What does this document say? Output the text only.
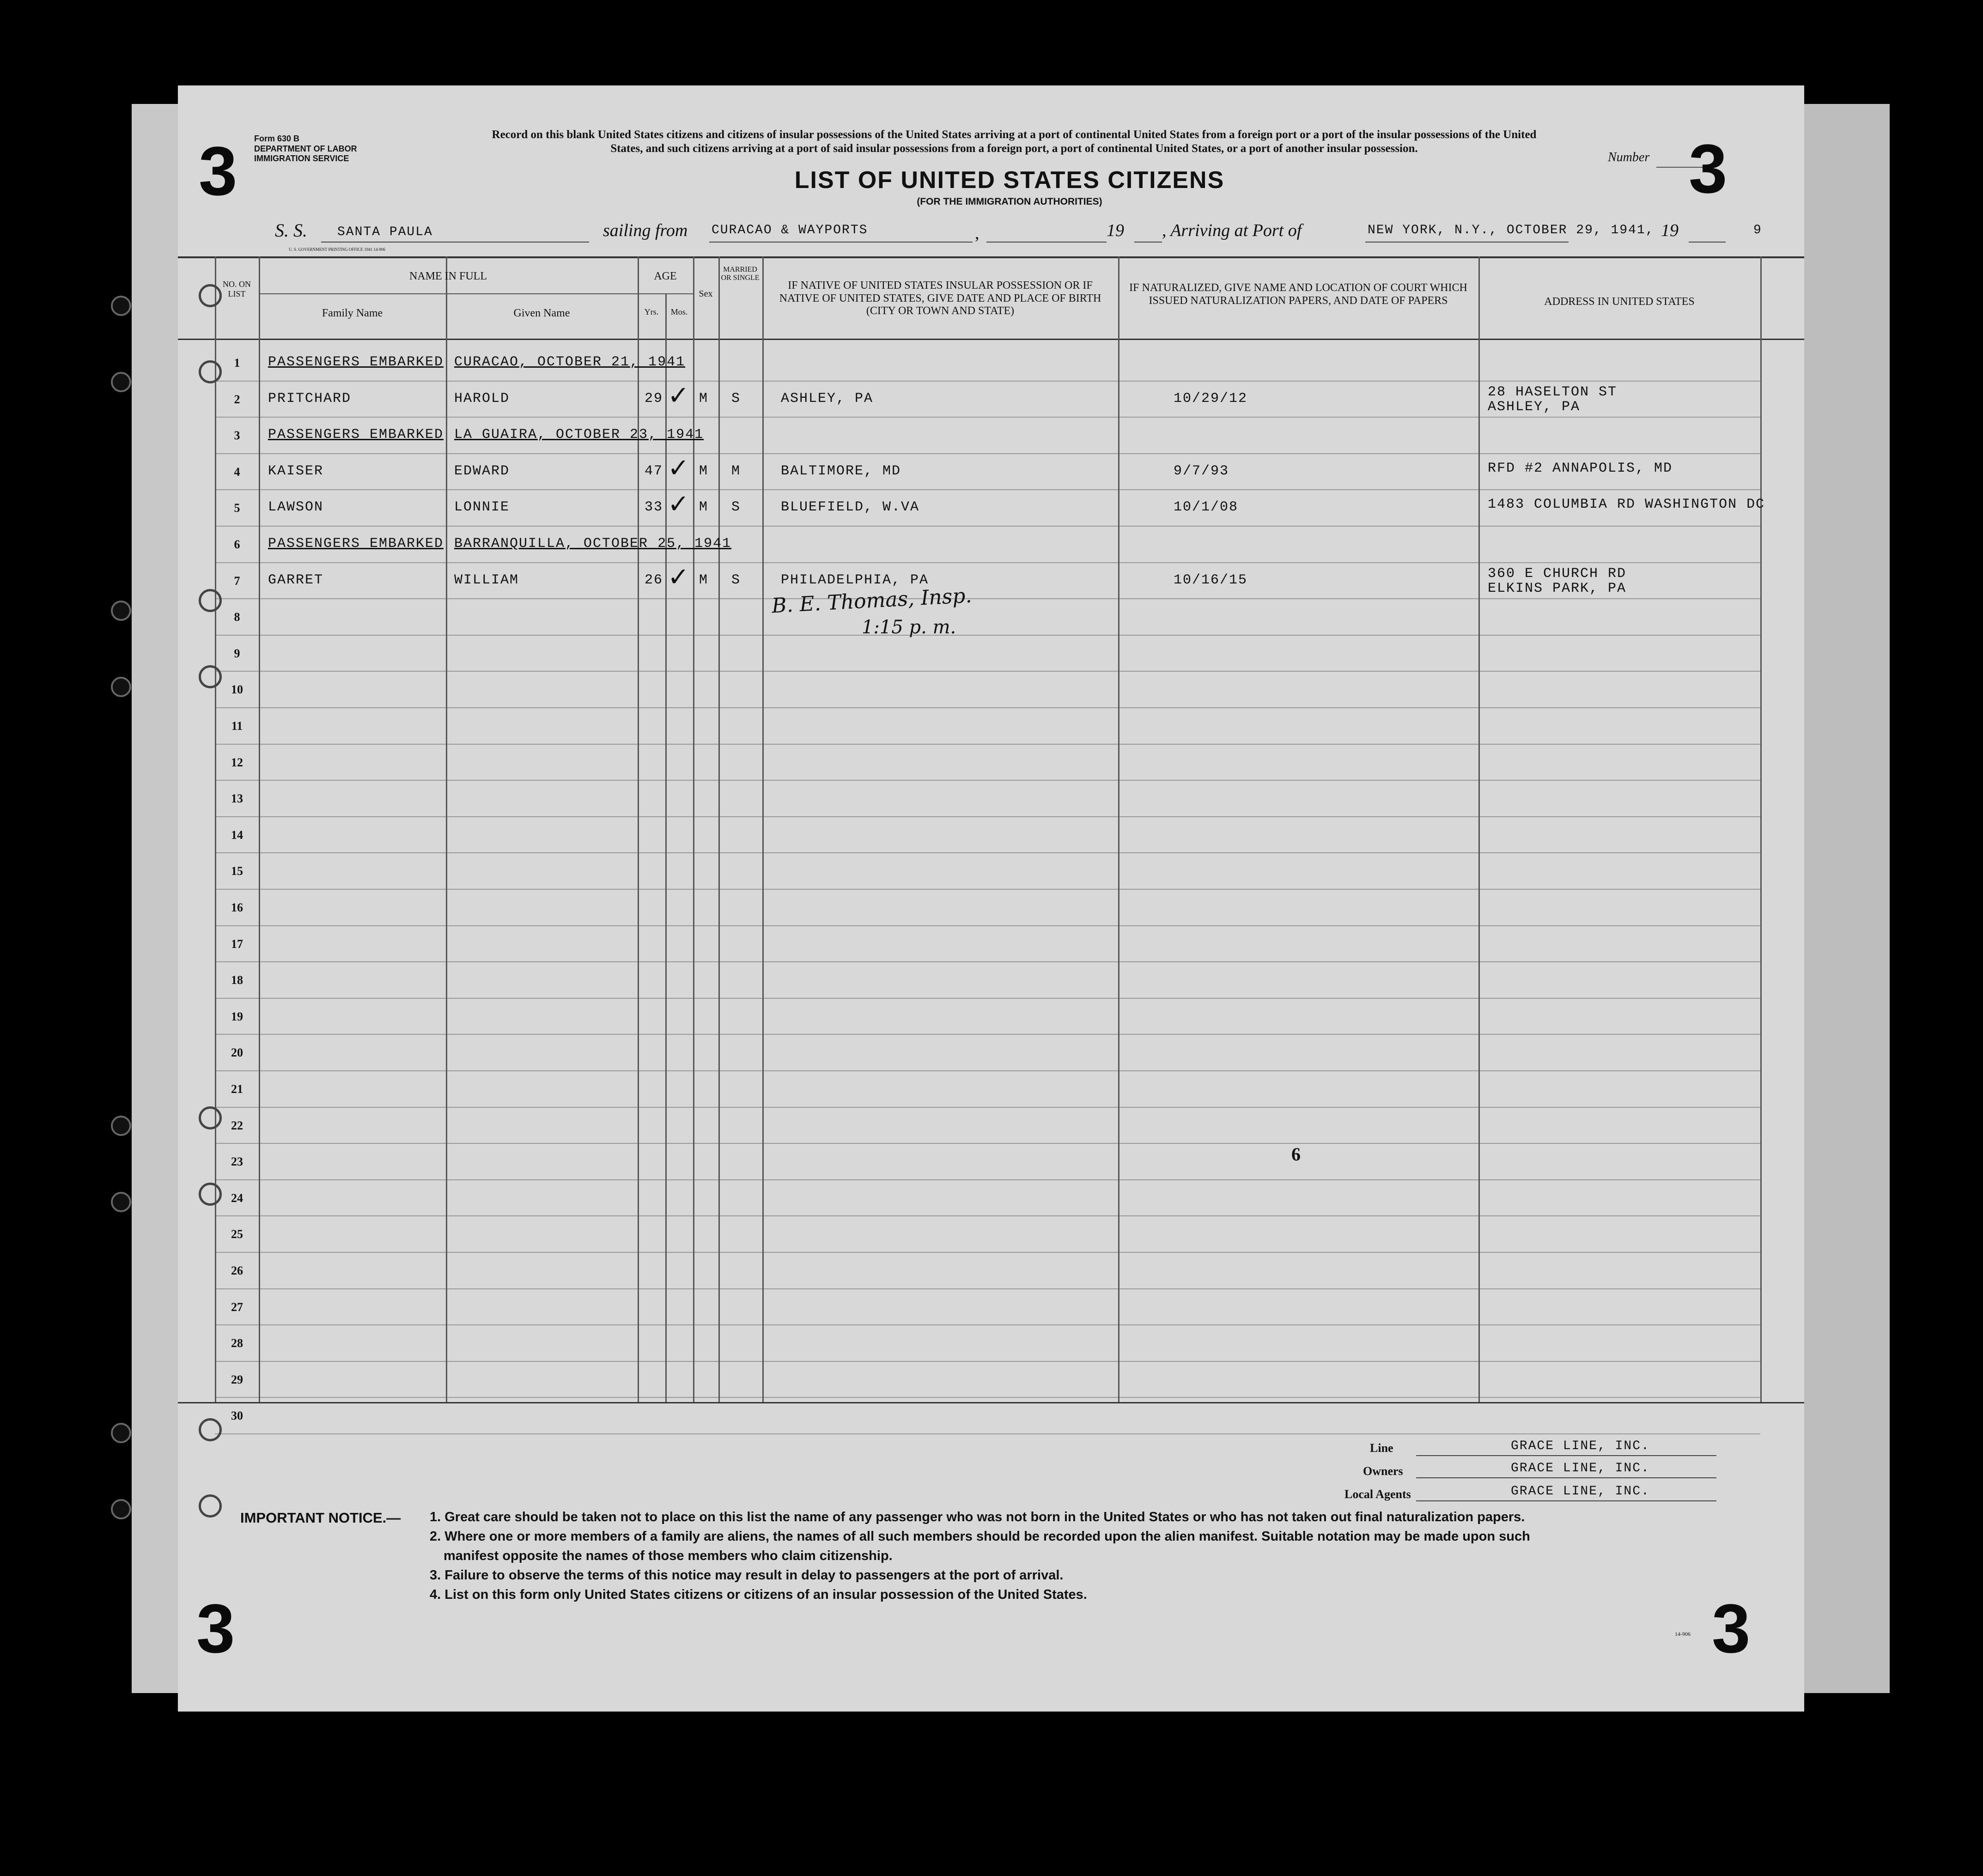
3 Form 630 B
DEPARTMENT OF LABOR
IMMIGRATION SERVICE
Record on this blank United States citizens and citizens of insular possessions of the United States arriving at a port of continental United States from a foreign port or a port of the insular possessions of the United States, and such citizens arriving at a port of said insular possessions from a foreign port, a port of continental United States, or a port of another insular possession.
LIST OF UNITED STATES CITIZENS
(FOR THE IMMIGRATION AUTHORITIES)
Number 3
S. S. SANTA PAULA	sailing from CURACAO & WAYPORTS	,	19 , Arriving at Port of	NEW YORK, N.Y., OCTOBER 29, 1941, 19	9
U. S. GOVERNMENT PRINTING OFFICE 1941 14-906
NO. ON LIST
NAME IN FULL
Family Name	Given Name
AGE
Yrs.	Mos.
Sex
MARRIED OR SINGLE
IF NATIVE OF UNITED STATES INSULAR POSSESSION OR IF NATIVE OF UNITED STATES, GIVE DATE AND PLACE OF BIRTH (CITY OR TOWN AND STATE)
IF NATURALIZED, GIVE NAME AND LOCATION OF COURT WHICH ISSUED NATURALIZATION PAPERS, AND DATE OF PAPERS	ADDRESS IN UNITED STATES
1	PASSENGERS EMBARKED CURACAO, OCTOBER 21, 1941
2	PRITCHARD	HAROLD	29 ✓ M S	ASHLEY, PA	10/29/12	28 HASELTON ST
ASHLEY, PA
3	PASSENGERS EMBARKED LA GUAIRA, OCTOBER 23, 1941
4	KAISER	EDWARD	47 ✓ M M	BALTIMORE, MD	9/7/93	RFD #2 ANNAPOLIS, MD
5	LAWSON	LONNIE	33 ✓ M S	BLUEFIELD, W.VA	10/1/08	1483 COLUMBIA RD WASHINGTON DC
6	PASSENGERS EMBARKED BARRANQUILLA, OCTOBER 25, 1941
7	GARRET	WILLIAM	26 ✓ M S	PHILADELPHIA, PA	10/16/15	360 E CHURCH RD
ELKINS PARK, PA
8
9
10
11
12
13
14
15
16
17
18
19
20
21
22
23
24
25
26
27
28
29
30
B. E. Thomas, Insp.
1:15 p. m.
6
Line	GRACE LINE, INC.
Owners	GRACE LINE, INC.
Local Agents	GRACE LINE, INC.
IMPORTANT NOTICE.— 1. Great care should be taken not to place on this list the name of any passenger who was not born in the United States or who has not taken out final naturalization papers.
2. Where one or more members of a family are aliens, the names of all such members should be recorded upon the alien manifest. Suitable notation may be made upon such
manifest opposite the names of those members who claim citizenship.
3. Failure to observe the terms of this notice may result in delay to passengers at the port of arrival.
4. List on this form only United States citizens or citizens of an insular possession of the United States.
3	3
14-906
